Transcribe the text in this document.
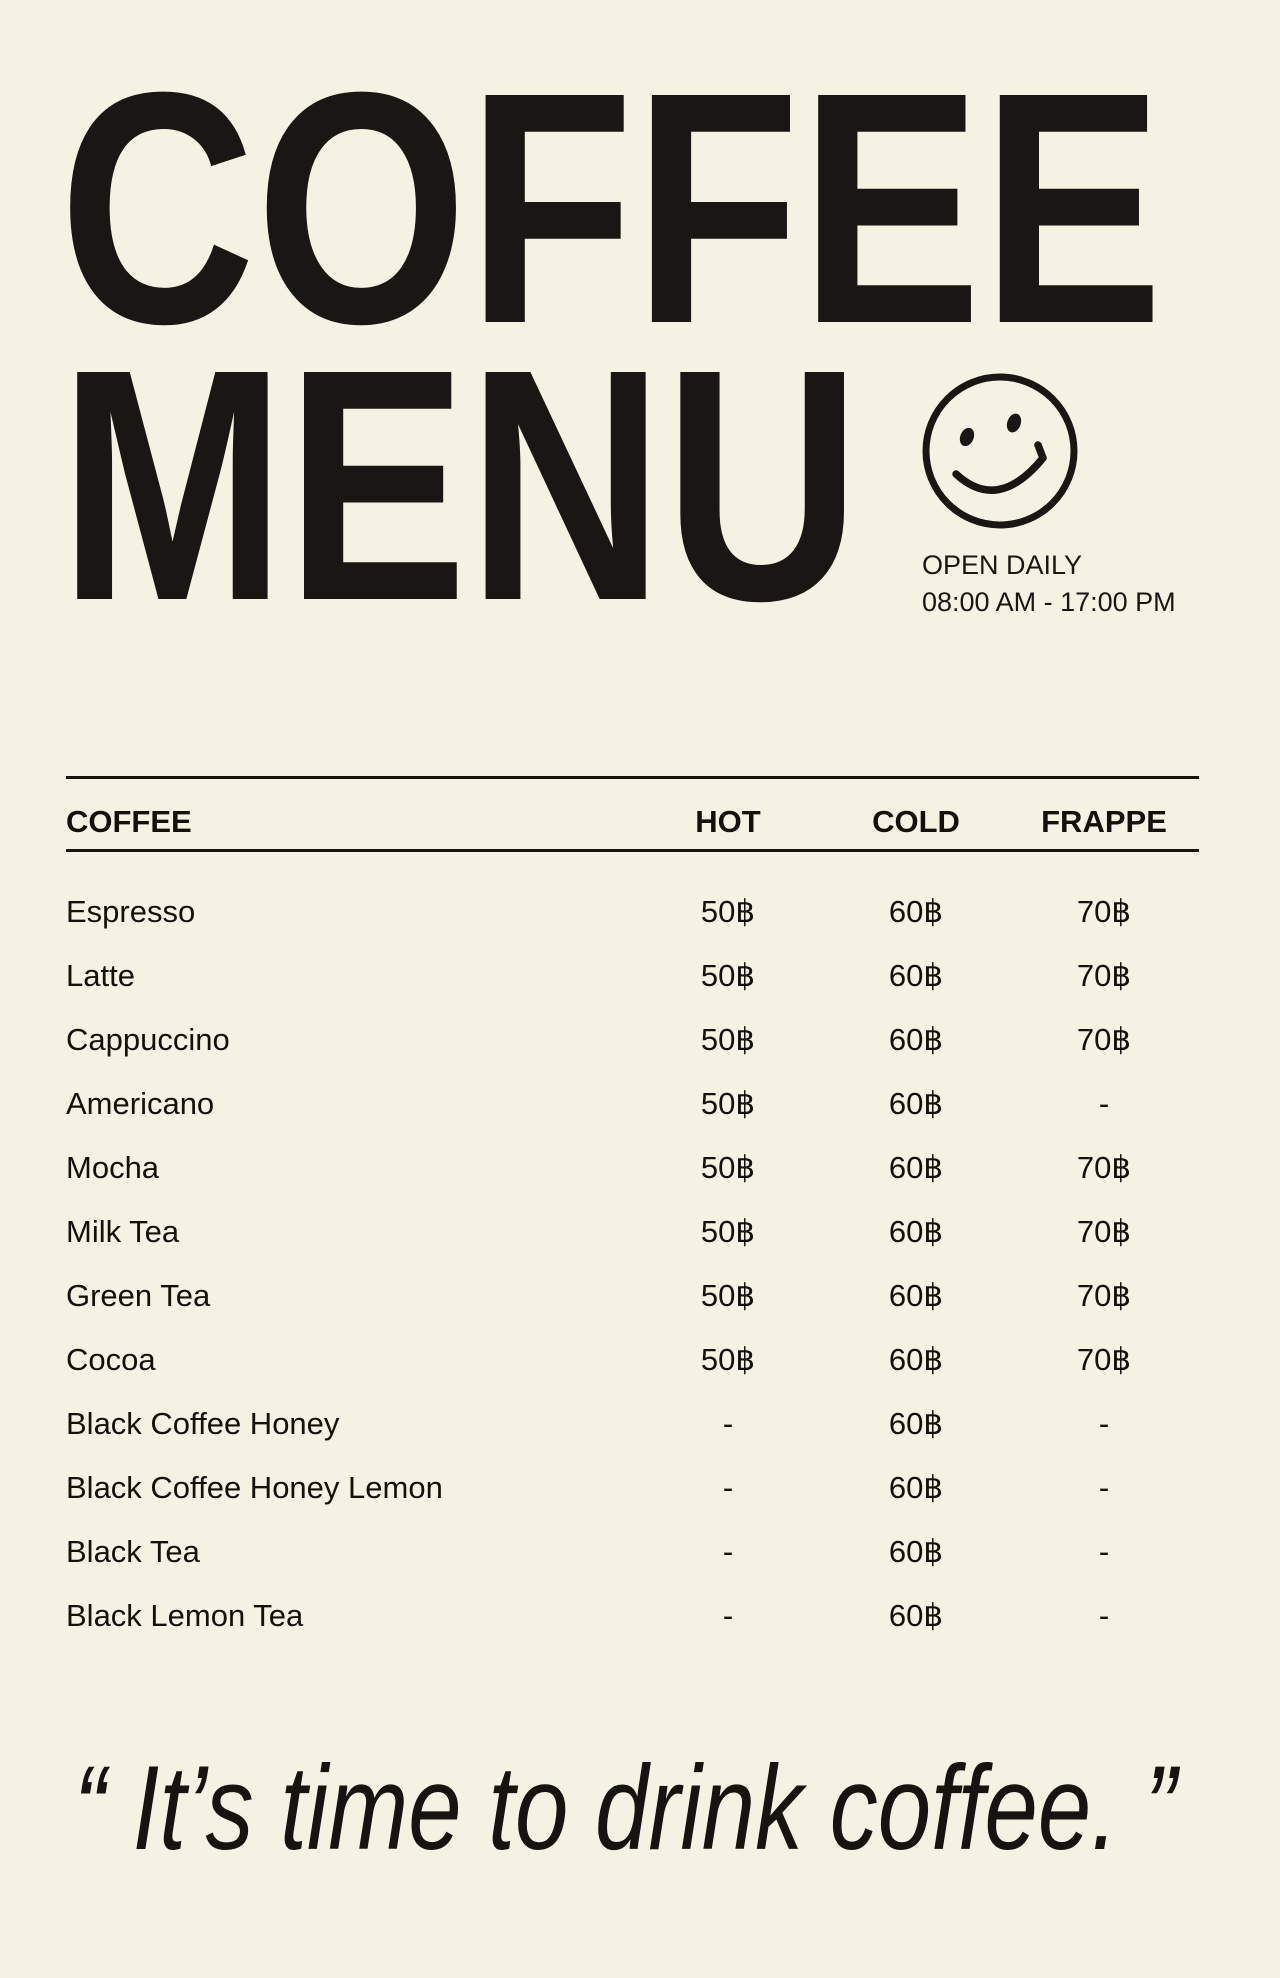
COFFEE
MENU	OPEN DAILY
08:00 AM - 17:00 PM
COFFEE	HOT	COLD	FRAPPE
Espresso	50฿	60฿	70฿
Latte	50฿	60฿	70฿
Cappuccino	50฿	60฿	70฿
Americano	50฿	60฿	-
Mocha	50฿	60฿	70฿
Milk Tea	50฿	60฿	70฿
Green Tea	50฿	60฿	70฿
Cocoa	50฿	60฿	70฿
Black Coffee Honey	-	60฿	-
Black Coffee Honey Lemon	-	60฿	-
Black Tea	-	60฿	-
Black Lemon Tea	-	60฿	-
“ It’s time to drink coffee. ”
